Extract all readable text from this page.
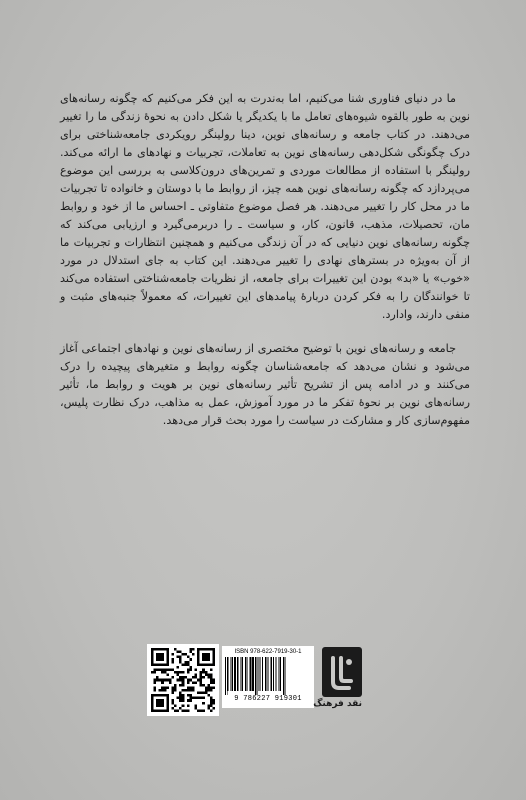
ما در دنیای فناوری شنا می‌کنیم، اما به‌ندرت به این فکر می‌کنیم که چگونه رسانه‌های نوین به طور بالقوه شیوه‌های تعامل ما با یکدیگر یا شکل دادن به نحوهٔ زندگی ما را تغییر می‌دهند. در کتاب جامعه و رسانه‌های نوین، دینا رولینگر رویکردی جامعه‌شناختی برای درک چگونگی شکل‌دهی رسانه‌های نوین به تعاملات، تجربیات و نهادهای ما ارائه می‌کند. رولینگر با استفاده از مطالعات موردی و تمرین‌های درون‌کلاسی به بررسی این موضوع می‌پردازد که چگونه رسانه‌های نوین همه چیز، از روابط ما با دوستان و خانواده تا تجربیات ما در محل کار را تغییر می‌دهند. هر فصل موضوع متفاوتی ـ احساس ما از خود و روابط مان، تحصیلات، مذهب، قانون، کار، و سیاست ـ را دربرمی‌گیرد و ارزیابی می‌کند که چگونه رسانه‌های نوین دنیایی که در آن زندگی می‌کنیم و همچنین انتظارات و تجربیات ما از آن به‌ویژه در بسترهای نهادی را تغییر می‌دهند. این کتاب به جای استدلال در مورد «خوب» یا «بد» بودن این تغییرات برای جامعه، از نظریات جامعه‌شناختی استفاده می‌کند تا خوانندگان را به فکر کردن دربارهٔ پیامدهای این تغییرات، که معمولاً جنبه‌های مثبت و منفی دارند، وادارد.

جامعه و رسانه‌های نوین با توضیح مختصری از رسانه‌های نوین و نهادهای اجتماعی آغاز می‌شود و نشان می‌دهد که جامعه‌شناسان چگونه روابط و متغیرهای پیچیده را درک می‌کنند و در ادامه پس از تشریح تأثیر رسانه‌های نوین بر هویت و روابط ما، تأثیر رسانه‌های نوین بر نحوهٔ تفکر ما در مورد آموزش، عمل به مذاهب، درک نظارت پلیس، مفهوم‌سازی کار و مشارکت در سیاست را مورد بحث قرار می‌دهد.

ISBN 978-622-7919-30-1
9 786227 919301	نقد فرهنگ
